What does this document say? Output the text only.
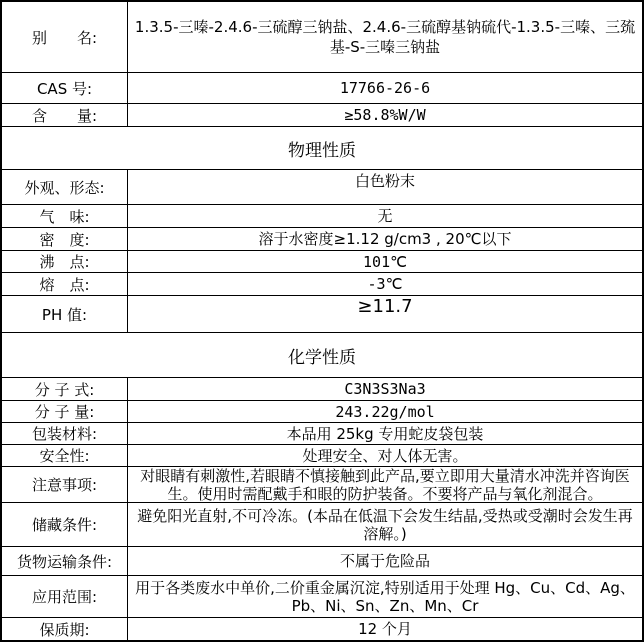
别　　名:
1.3.5-三嗪-2.4.6-三硫醇三钠盐、2.4.6-三硫醇基钠硫代-1.3.5-三嗪、三巯基-S-三嗪三钠盐
CAS 号:	17766-26-6
含　　量:	≥58.8%W/W
物理性质
外观、形态:	白色粉末
气　味:	无
密　度:	溶于水密度≥1.12 g/cm3 , 20℃以下
沸　点:	101℃
熔　点:	-3℃
PH 值:	≥11.7
化学性质
分 子 式:	C3N3S3Na3
分 子 量:	243.22g/mol
包装材料:	本品用 25kg 专用蛇皮袋包装
安全性:	处理安全、对人体无害。
注意事项:
对眼睛有刺激性,若眼睛不慎接触到此产品,要立即用大量清水冲洗并咨询医生。使用时需配戴手和眼的防护装备。不要将产品与氧化剂混合。
储藏条件:
避免阳光直射,不可冷冻。(本品在低温下会发生结晶,受热或受潮时会发生再溶解。)
货物运输条件:	不属于危险品
应用范围:
用于各类废水中单价,二价重金属沉淀,特别适用于处理 Hg、Cu、Cd、Ag、Pb、Ni、Sn、Zn、Mn、Cr
保质期:	12 个月
